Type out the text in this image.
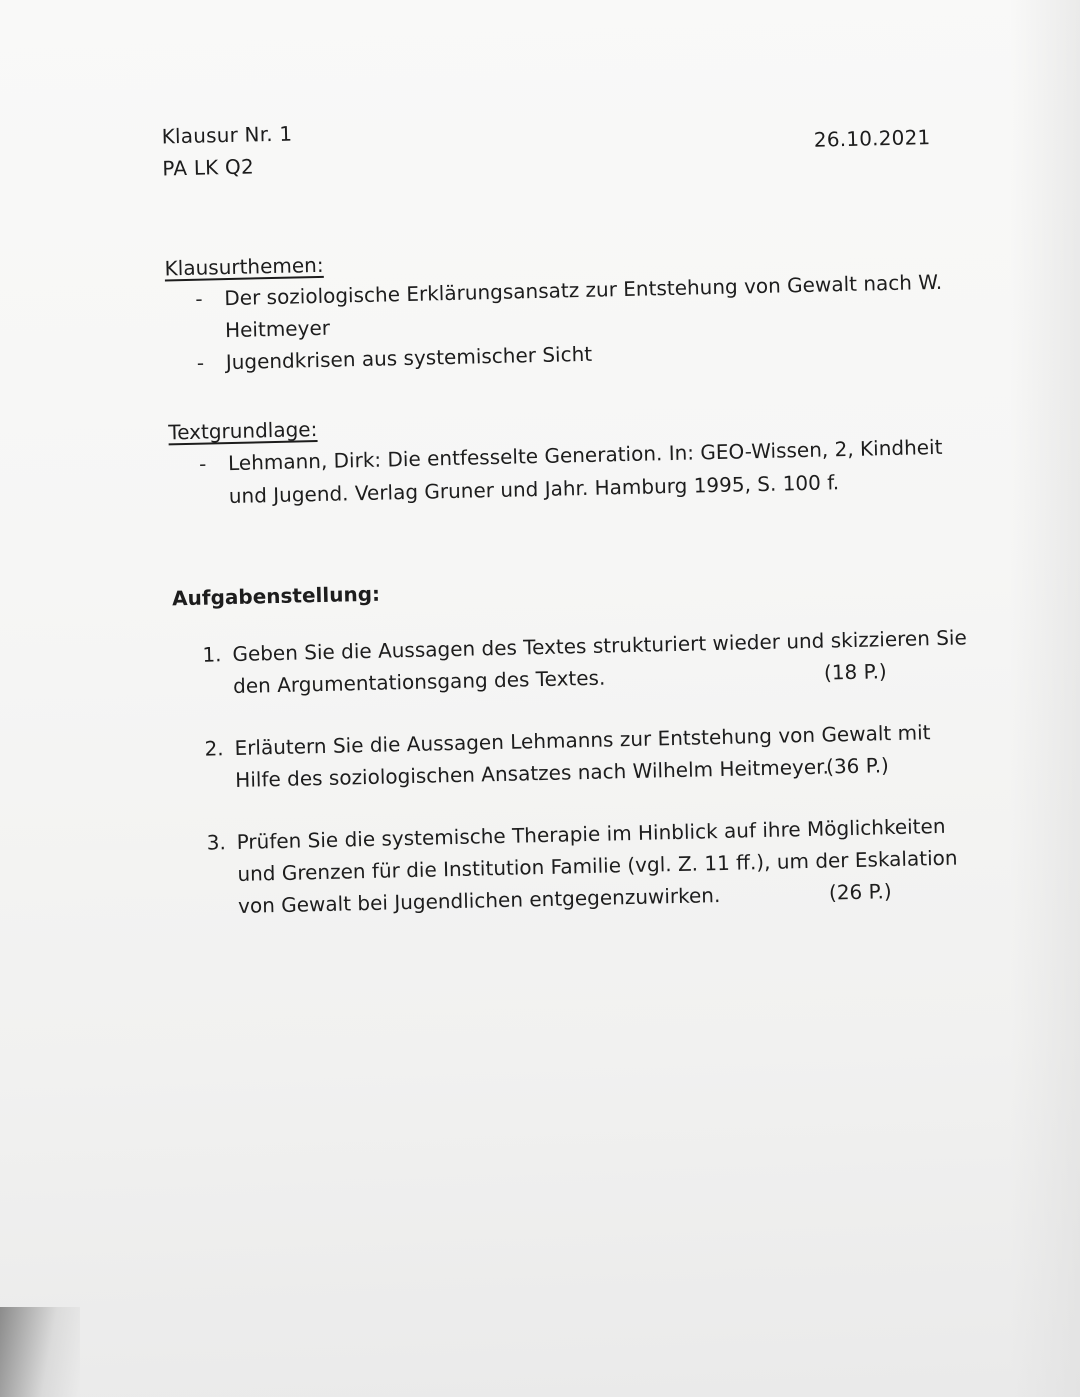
Klausur Nr. 1
PA LK Q2
26.10.2021
Klausurthemen:
- Der soziologische Erklärungsansatz zur Entstehung von Gewalt nach W.
Heitmeyer
- Jugendkrisen aus systemischer Sicht
Textgrundlage:
- Lehmann, Dirk: Die entfesselte Generation. In: GEO-Wissen, 2, Kindheit
und Jugend. Verlag Gruner und Jahr. Hamburg 1995, S. 100 f.
Aufgabenstellung:
1. Geben Sie die Aussagen des Textes strukturiert wieder und skizzieren Sie
den Argumentationsgang des Textes.	(18 P.)
2. Erläutern Sie die Aussagen Lehmanns zur Entstehung von Gewalt mit
Hilfe des soziologischen Ansatzes nach Wilhelm Heitmeyer.
(36 P.)
3. Prüfen Sie die systemische Therapie im Hinblick auf ihre Möglichkeiten
und Grenzen für die Institution Familie (vgl. Z. 11 ff.), um der Eskalation
von Gewalt bei Jugendlichen entgegenzuwirken.	(26 P.)
